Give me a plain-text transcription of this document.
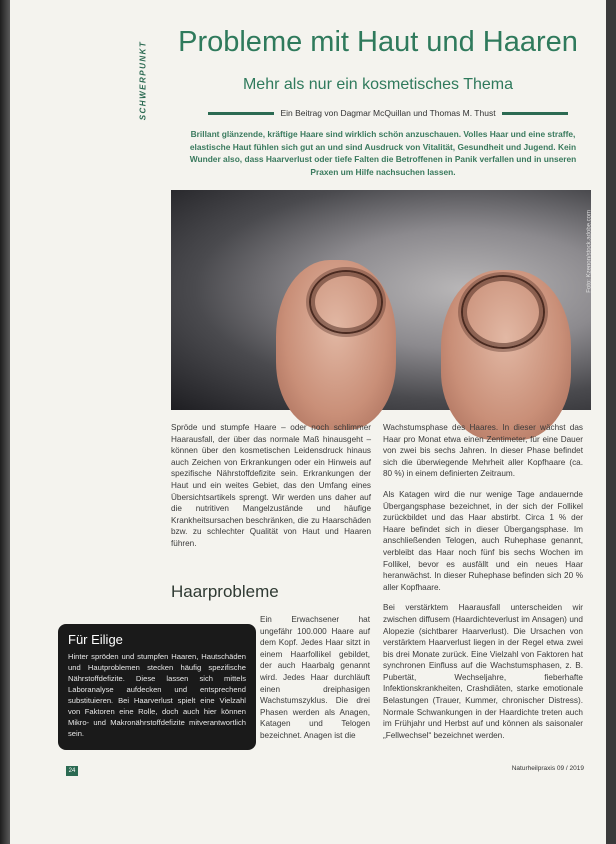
SCHWERPUNKT	Probleme mit Haut und Haaren
Mehr als nur ein kosmetisches Thema
Ein Beitrag von Dagmar McQuillan und Thomas M. Thust
Brillant glänzende, kräftige Haare sind wirklich schön anzuschauen. Volles Haar und eine straffe, elastische Haut fühlen sich gut an und sind Ausdruck von Vitalität, Gesundheit und Jugend. Kein Wunder also, dass Haarverlust oder tiefe Falten die Betroffenen in Panik verfallen und in unseren Praxen um Hilfe nachsuchen lassen.
Foto: Kzenon/stock.adobe.com

Spröde und stumpfe Haare – oder noch schlimmer Haarausfall, der über das normale Maß hinausgeht – können über den kosmetischen Leidensdruck hinaus auch Zeichen von Erkrankungen oder ein Hinweis auf spezifische Nährstoffdefizite sein. Erkrankungen der Haut und ein weites Gebiet, das den Umfang eines Übersichtsartikels sprengt. Wir werden uns daher auf die nutritiven Mangelzustände und häufige Krankheitsursachen beschränken, die zu Haarschäden bzw. zu schlechter Qualität von Haut und Haaren führen.

Haarprobleme

Ein Erwachsener hat ungefähr 100.000 Haare auf dem Kopf. Jedes Haar sitzt in einem Haarfollikel gebildet, der auch Haarbalg genannt wird. Jedes Haar durchläuft einen dreiphasigen Wachstumszyklus. Die drei Phasen werden als Anagen, Katagen und Telogen bezeichnet. Anagen ist die

Wachstumsphase des Haares. In dieser wächst das Haar pro Monat etwa einen Zentimeter, für eine Dauer von zwei bis sechs Jahren. In dieser Phase befindet sich die überwiegende Mehrheit aller Kopfhaare (ca. 80 %) in einem definierten Zeitraum.

Als Katagen wird die nur wenige Tage andauernde Übergangsphase bezeichnet, in der sich der Follikel zurückbildet und das Haar abstirbt. Circa 1 % der Haare befindet sich in dieser Übergangsphase. Im anschließenden Telogen, auch Ruhephase genannt, verbleibt das Haar noch fünf bis sechs Wochen im Follikel, bevor es ausfällt und ein neues Haar heranwächst. In dieser Ruhephase befinden sich 20 % aller Kopfhaare.

Bei verstärktem Haarausfall unterscheiden wir zwischen diffusem (Haardichteverlust im Ansagen) und Alopezie (sichtbarer Haarverlust). Die Ursachen von verstärktem Haarverlust liegen in der Regel etwa zwei bis drei Monate zurück. Eine Vielzahl von Faktoren hat synchronen Einfluss auf die Wachstumsphasen, z. B. Pubertät, Wechseljahre, fieberhafte Infektionskrankheiten, Crashdiäten, starke emotionale Belastungen (Trauer, Kummer, chronischer Distress). Normale Schwankungen in der Haardichte treten auch im Frühjahr und Herbst auf und können als saisonaler „Fellwechsel“ bezeichnet werden.

Für Eilige

Hinter spröden und stumpfen Haaren, Hautschäden und Hautproblemen stecken häufig spezifische Nährstoffdefizite. Diese lassen sich mittels Laboranalyse aufdecken und entsprechend substituieren. Bei Haarverlust spielt eine Vielzahl von Faktoren eine Rolle, doch auch hier können Mikro- und Makronährstoffdefizite mitverantwortlich sein.

24	Naturheilpraxis 09 / 2019
